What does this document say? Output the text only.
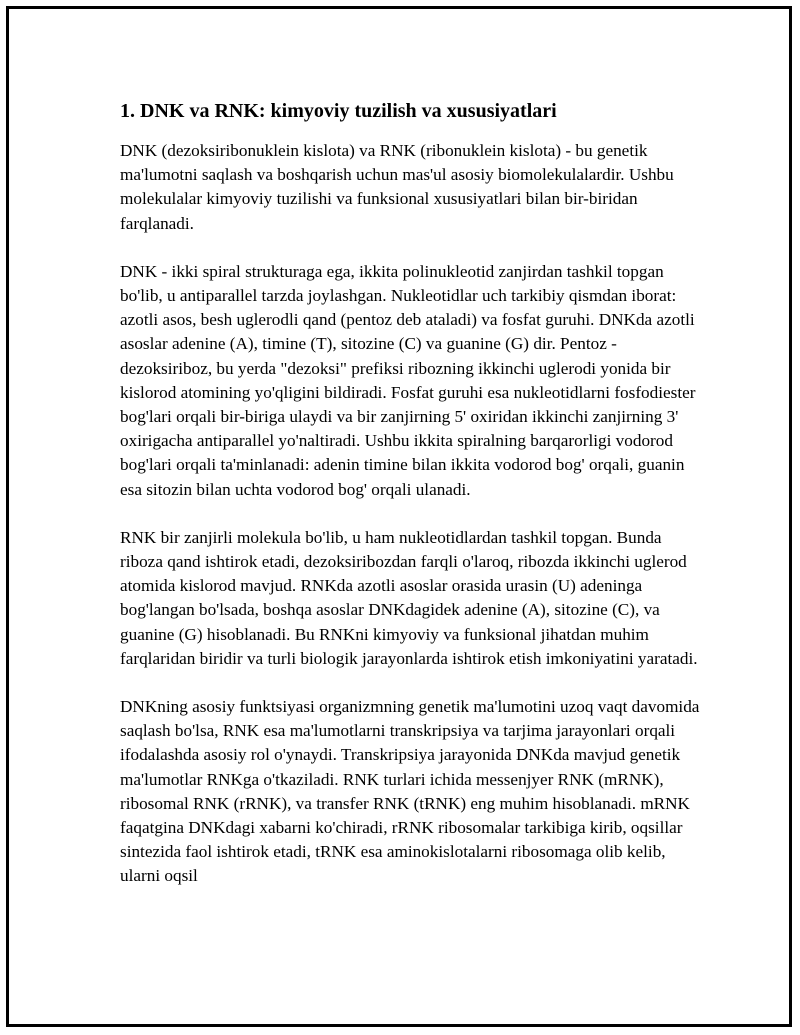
1. DNK va RNK: kimyoviy tuzilish va xususiyatlari

DNK (dezoksiribonuklein kislota) va RNK (ribonuklein kislota) - bu genetik ma'lumotni saqlash va boshqarish uchun mas'ul asosiy biomolekulalardir. Ushbu molekulalar kimyoviy tuzilishi va funksional xususiyatlari bilan bir-biridan farqlanadi.

DNK - ikki spiral strukturaga ega, ikkita polinukleotid zanjirdan tashkil topgan bo'lib, u antiparallel tarzda joylashgan. Nukleotidlar uch tarkibiy qismdan iborat: azotli asos, besh uglerodli qand (pentoz deb ataladi) va fosfat guruhi. DNKda azotli asoslar adenine (A), timine (T), sitozine (C) va guanine (G) dir. Pentoz - dezoksiriboz, bu yerda "dezoksi" prefiksi ribozning ikkinchi uglerodi yonida bir kislorod atomining yo'qligini bildiradi. Fosfat guruhi esa nukleotidlarni fosfodiester bog'lari orqali bir-biriga ulaydi va bir zanjirning 5' oxiridan ikkinchi zanjirning 3' oxirigacha antiparallel yo'naltiradi. Ushbu ikkita spiralning barqarorligi vodorod bog'lari orqali ta'minlanadi: adenin timine bilan ikkita vodorod bog' orqali, guanin esa sitozin bilan uchta vodorod bog' orqali ulanadi.

RNK bir zanjirli molekula bo'lib, u ham nukleotidlardan tashkil topgan. Bunda riboza qand ishtirok etadi, dezoksiribozdan farqli o'laroq, ribozda ikkinchi uglerod atomida kislorod mavjud. RNKda azotli asoslar orasida urasin (U) adeninga bog'langan bo'lsada, boshqa asoslar DNKdagidek adenine (A), sitozine (C), va guanine (G) hisoblanadi. Bu RNKni kimyoviy va funksional jihatdan muhim farqlaridan biridir va turli biologik jarayonlarda ishtirok etish imkoniyatini yaratadi.

DNKning asosiy funktsiyasi organizmning genetik ma'lumotini uzoq vaqt davomida saqlash bo'lsa, RNK esa ma'lumotlarni transkripsiya va tarjima jarayonlari orqali ifodalashda asosiy rol o'ynaydi. Transkripsiya jarayonida DNKda mavjud genetik ma'lumotlar RNKga o'tkaziladi. RNK turlari ichida messenjyer RNK (mRNK), ribosomal RNK (rRNK), va transfer RNK (tRNK) eng muhim hisoblanadi. mRNK faqatgina DNKdagi xabarni ko'chiradi, rRNK ribosomalar tarkibiga kirib, oqsillar sintezida faol ishtirok etadi, tRNK esa aminokislotalarni ribosomaga olib kelib, ularni oqsil
